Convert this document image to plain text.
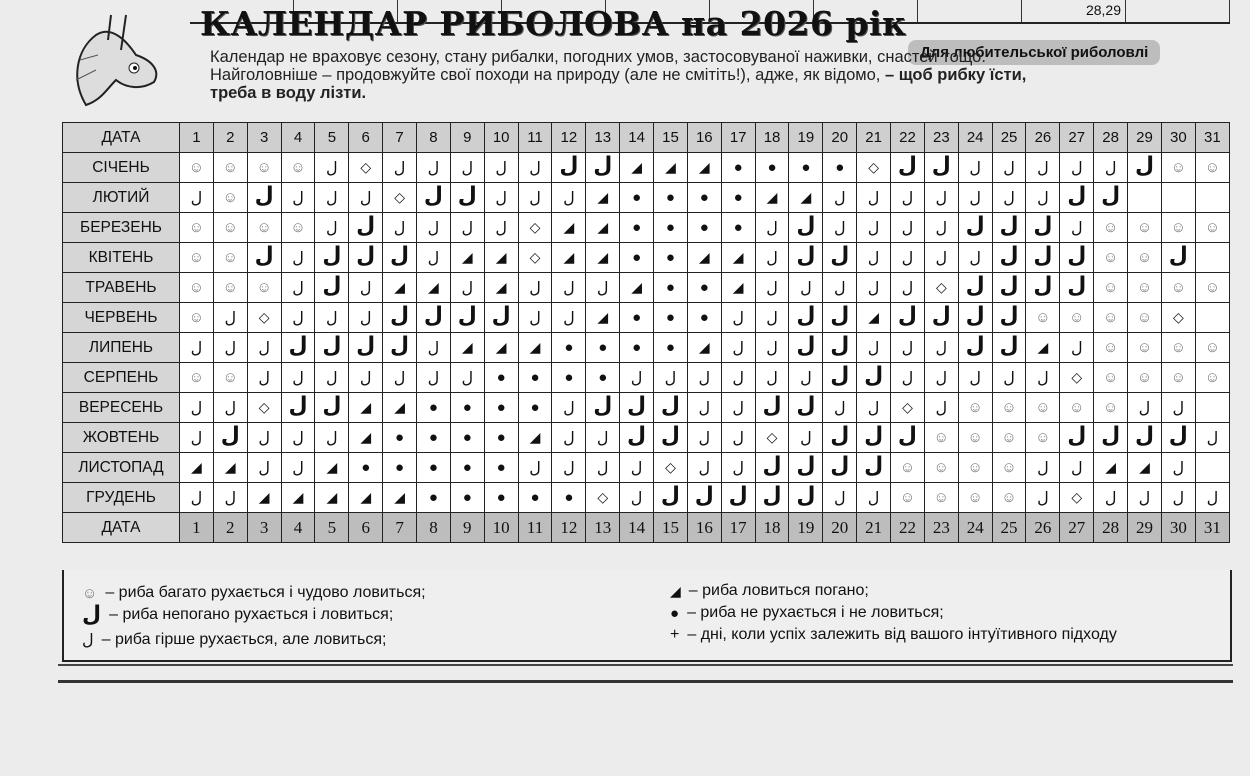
28,29
КАЛЕНДАР РИБОЛОВА на 2026 рік
Для любительської риболовлі
Календар не враховує сезону, стану рибалки, погодних умов, застосовуваної наживки, снастей тощо.
Найголовніше – продовжуйте свої походи на природу (але не смітіть!), адже, як відомо, – щоб рибку їсти,
треба в воду лізти.
ДАТА	1	2	3	4	5	6	7	8	9	10	11	12	13	14	15	16	17	18	19	20	21	22	23	24	25	26	27	28	29	30	31
СІЧЕНЬ	☺	☺	☺	☺	ل	◇	ل	ل	ل	ل	ل	ل	ل	◢	◢	◢	●	●	●	●	◇	ل	ل	ل	ل	ل	ل	ل	ل	☺	☺
ЛЮТИЙ	ل	☺	ل	ل	ل	ل	◇	ل	ل	ل	ل	ل	◢	●	●	●	●	◢	◢	ل	ل	ل	ل	ل	ل	ل	ل	ل			
БЕРЕЗЕНЬ	☺	☺	☺	☺	ل	ل	ل	ل	ل	ل	◇	◢	◢	●	●	●	●	ل	ل	ل	ل	ل	ل	ل	ل	ل	ل	☺	☺	☺	☺
КВІТЕНЬ	☺	☺	ل	ل	ل	ل	ل	ل	◢	◢	◇	◢	◢	●	●	◢	◢	ل	ل	ل	ل	ل	ل	ل	ل	ل	ل	☺	☺	ل	
ТРАВЕНЬ	☺	☺	☺	ل	ل	ل	◢	◢	ل	◢	ل	ل	ل	◢	●	●	◢	ل	ل	ل	ل	ل	◇	ل	ل	ل	ل	☺	☺	☺	☺
ЧЕРВЕНЬ	☺	ل	◇	ل	ل	ل	ل	ل	ل	ل	ل	ل	◢	●	●	●	ل	ل	ل	ل	◢	ل	ل	ل	ل	☺	☺	☺	☺	◇	
ЛИПЕНЬ	ل	ل	ل	ل	ل	ل	ل	ل	◢	◢	◢	●	●	●	●	◢	ل	ل	ل	ل	ل	ل	ل	ل	ل	◢	ل	☺	☺	☺	☺
СЕРПЕНЬ	☺	☺	ل	ل	ل	ل	ل	ل	ل	●	●	●	●	ل	ل	ل	ل	ل	ل	ل	ل	ل	ل	ل	ل	ل	◇	☺	☺	☺	☺
ВЕРЕСЕНЬ	ل	ل	◇	ل	ل	◢	◢	●	●	●	●	ل	ل	ل	ل	ل	ل	ل	ل	ل	ل	◇	ل	☺	☺	☺	☺	☺	ل	ل	
ЖОВТЕНЬ	ل	ل	ل	ل	ل	◢	●	●	●	●	◢	ل	ل	ل	ل	ل	ل	◇	ل	ل	ل	ل	☺	☺	☺	☺	ل	ل	ل	ل	ل
ЛИСТОПАД	◢	◢	ل	ل	◢	●	●	●	●	●	ل	ل	ل	ل	◇	ل	ل	ل	ل	ل	ل	☺	☺	☺	☺	ل	ل	◢	◢	ل	
ГРУДЕНЬ	ل	ل	◢	◢	◢	◢	◢	●	●	●	●	●	◇	ل	ل	ل	ل	ل	ل	ل	ل	☺	☺	☺	☺	ل	◇	ل	ل	ل	ل
ДАТА	1	2	3	4	5	6	7	8	9	10	11	12	13	14	15	16	17	18	19	20	21	22	23	24	25	26	27	28	29	30	31
☺ – риба багато рухається і чудово ловиться;
ل – риба непогано рухається і ловиться;
ل – риба гірше рухається, але ловиться;
◢ – риба ловиться погано;
● – риба не рухається і не ловиться;
+ – дні, коли успіх залежить від вашого інтуїтивного підходу
